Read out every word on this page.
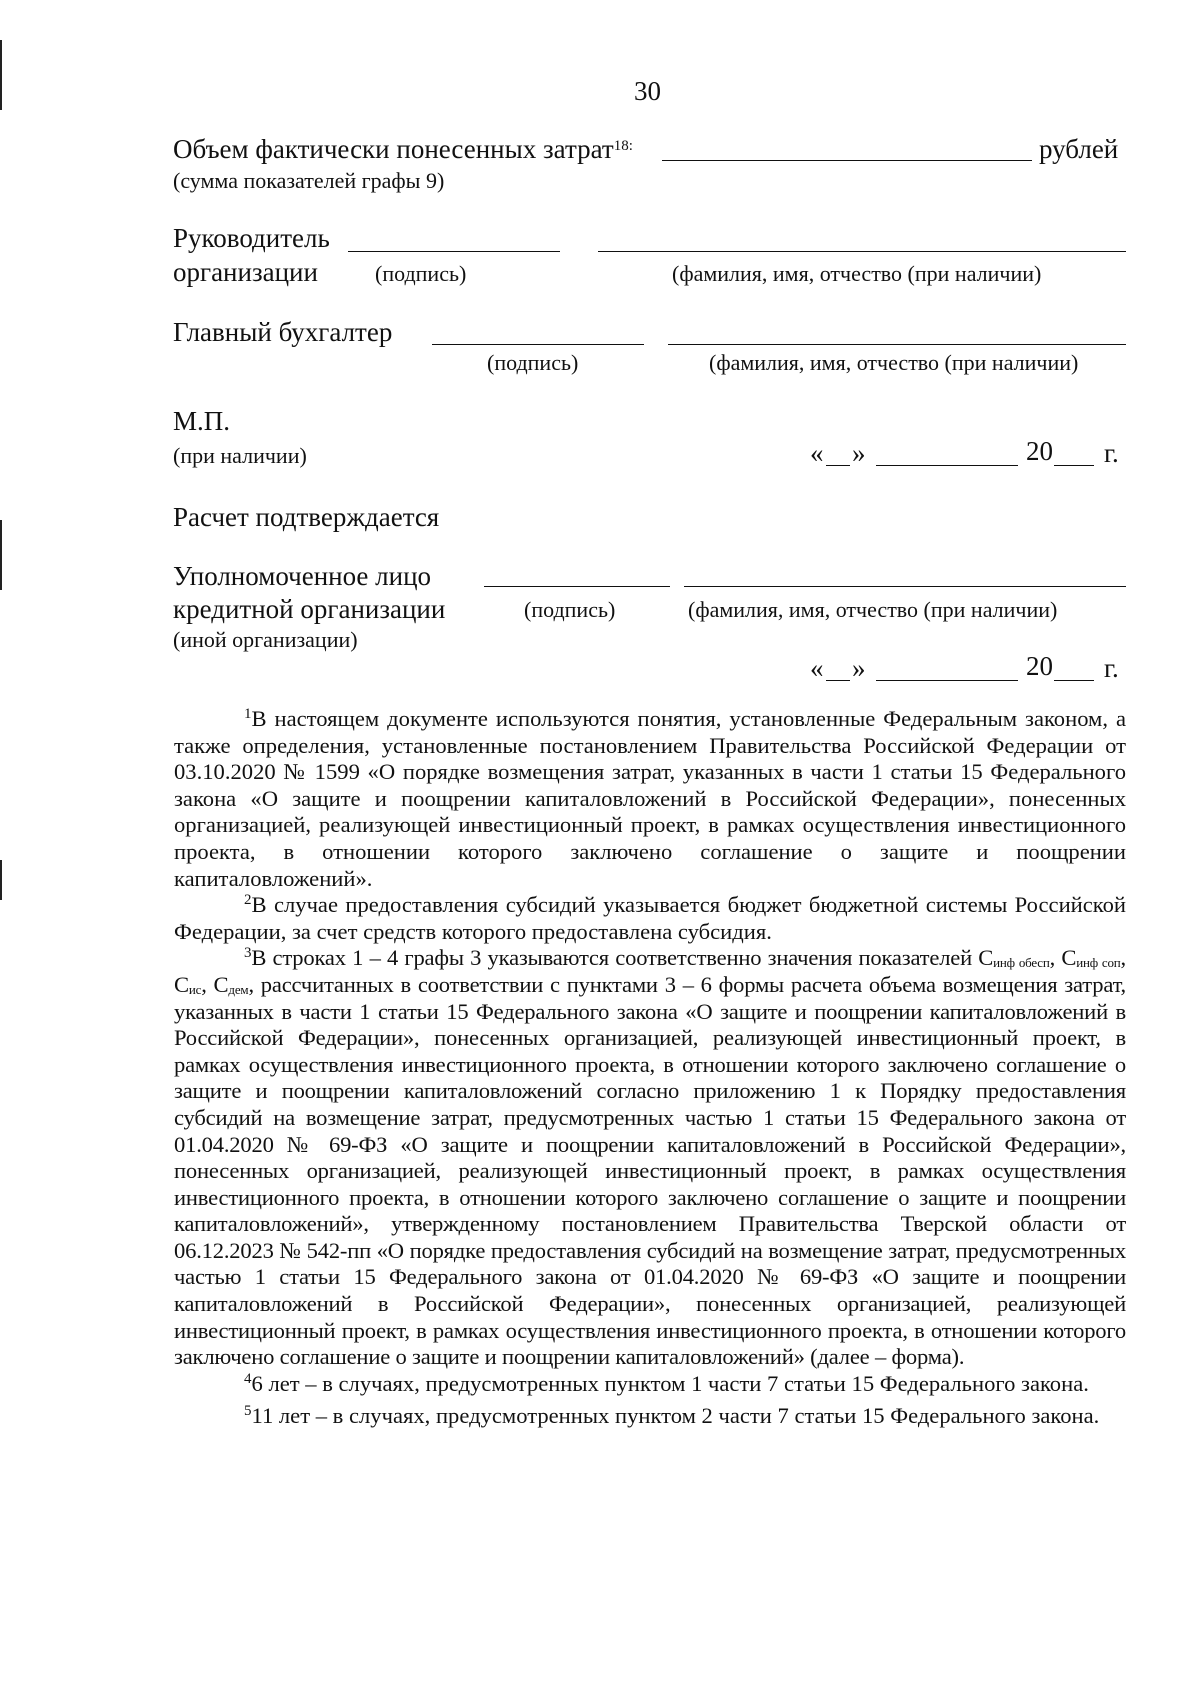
30
Объем фактически понесенных затрат$^{18:}$	рублей
(сумма показателей графы 9)
Руководитель
организации	(подпись)	(фамилия, имя, отчество (при наличии)
Главный бухгалтер
(подпись)	(фамилия, имя, отчество (при наличии)
М.П.
(при наличии)	« »	20 г.
Расчет подтверждается
Уполномоченное лицо
кредитной организации	(подпись)	(фамилия, имя, отчество (при наличии)
(иной организации)
« »	20 г.

$^1$В настоящем документе используются понятия, установленные Федеральным законом, а также определения, установленные постановлением Правительства Российской Федерации от 03.10.2020 № 1599 «О порядке возмещения затрат, указанных в части 1 статьи 15 Федерального закона «О защите и поощрении капиталовложений в Российской Федерации», понесенных организацией, реализующей инвестиционный проект, в рамках осуществления инвестиционного проекта, в отношении которого заключено соглашение о защите и поощрении капиталовложений».

$^2$В случае предоставления субсидий указывается бюджет бюджетной системы Российской Федерации, за счет средств которого предоставлена субсидия.

$^3$В строках 1 – 4 графы 3 указываются соответственно значения показателей $С_{инф обесп}$, $С_{инф соп}$, $С_{ис}$, $С_{дем}$, рассчитанных в соответствии с пунктами 3 – 6 формы расчета объема возмещения затрат, указанных в части 1 статьи 15 Федерального закона «О защите и поощрении капиталовложений в Российской Федерации», понесенных организацией, реализующей инвестиционный проект, в рамках осуществления инвестиционного проекта, в отношении которого заключено соглашение о защите и поощрении капиталовложений согласно приложению 1 к Порядку предоставления субсидий на возмещение затрат, предусмотренных частью 1 статьи 15 Федерального закона от 01.04.2020 № 69-ФЗ «О защите и поощрении капиталовложений в Российской Федерации», понесенных организацией, реализующей инвестиционный проект, в рамках осуществления инвестиционного проекта, в отношении которого заключено соглашение о защите и поощрении капиталовложений», утвержденному постановлением Правительства Тверской области от 06.12.2023 № 542-пп «О порядке предоставления субсидий на возмещение затрат, предусмотренных частью 1 статьи 15 Федерального закона от 01.04.2020 № 69-ФЗ «О защите и поощрении капиталовложений в Российской Федерации», понесенных организацией, реализующей инвестиционный проект, в рамках осуществления инвестиционного проекта, в отношении которого заключено соглашение о защите и поощрении капиталовложений» (далее – форма).

$^4$6 лет – в случаях, предусмотренных пунктом 1 части 7 статьи 15 Федерального закона.

$^5$11 лет – в случаях, предусмотренных пунктом 2 части 7 статьи 15 Федерального закона.
